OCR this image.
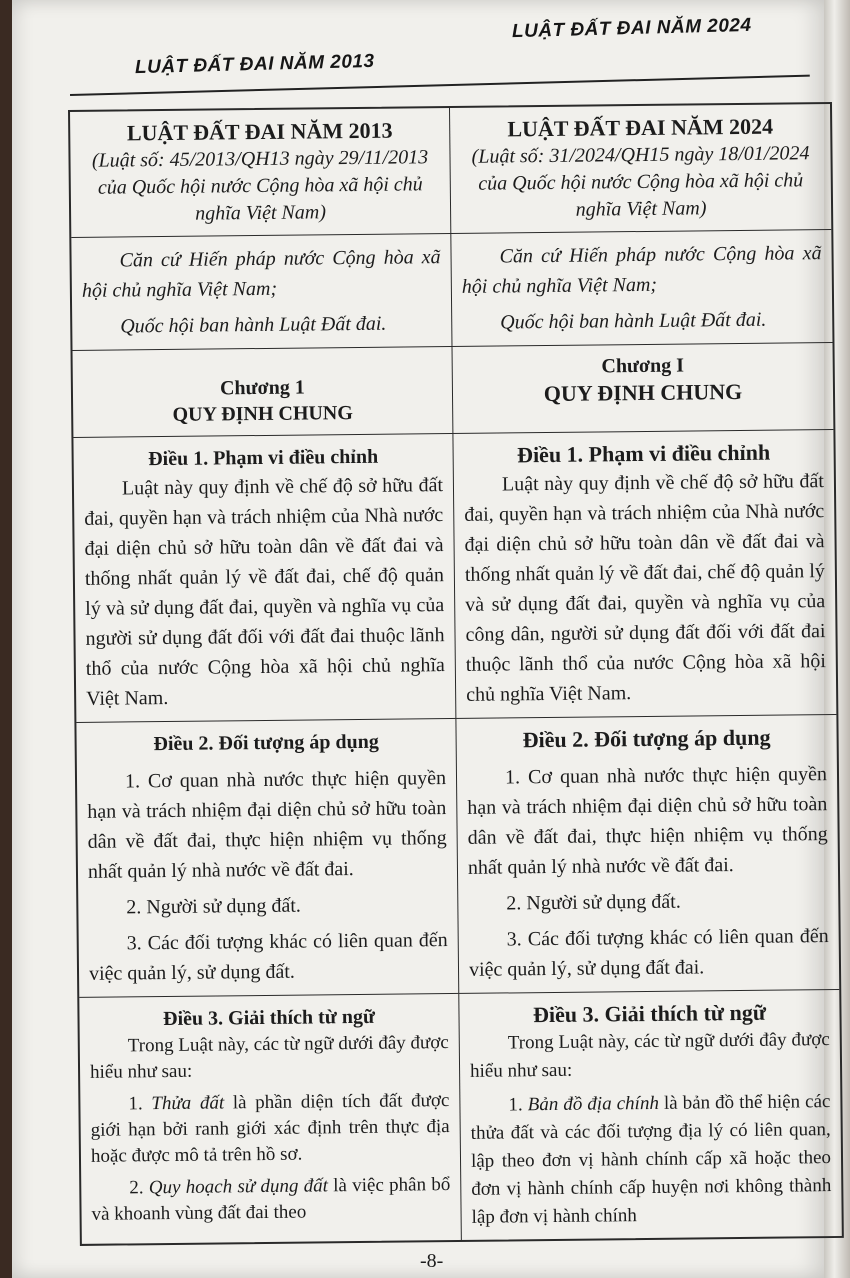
LUẬT ĐẤT ĐAI NĂM 2013
LUẬT ĐẤT ĐAI NĂM 2024
LUẬT ĐẤT ĐAI NĂM 2013
(Luật số: 45/2013/QH13 ngày 29/11/2013 của Quốc hội nước Cộng hòa xã hội chủ nghĩa Việt Nam)
LUẬT ĐẤT ĐAI NĂM 2024
(Luật số: 31/2024/QH15 ngày 18/01/2024 của Quốc hội nước Cộng hòa xã hội chủ nghĩa Việt Nam)

Căn cứ Hiến pháp nước Cộng hòa xã hội chủ nghĩa Việt Nam;

Quốc hội ban hành Luật Đất đai.

Căn cứ Hiến pháp nước Cộng hòa xã hội chủ nghĩa Việt Nam;

Quốc hội ban hành Luật Đất đai.

Chương 1
QUY ĐỊNH CHUNG
Chương I
QUY ĐỊNH CHUNG
Điều 1. Phạm vi điều chỉnh

Luật này quy định về chế độ sở hữu đất đai, quyền hạn và trách nhiệm của Nhà nước đại diện chủ sở hữu toàn dân về đất đai và thống nhất quản lý về đất đai, chế độ quản lý và sử dụng đất đai, quyền và nghĩa vụ của người sử dụng đất đối với đất đai thuộc lãnh thổ của nước Cộng hòa xã hội chủ nghĩa Việt Nam.

Điều 1. Phạm vi điều chỉnh

Luật này quy định về chế độ sở hữu đất đai, quyền hạn và trách nhiệm của Nhà nước đại diện chủ sở hữu toàn dân về đất đai và thống nhất quản lý về đất đai, chế độ quản lý và sử dụng đất đai, quyền và nghĩa vụ của công dân, người sử dụng đất đối với đất đai thuộc lãnh thổ của nước Cộng hòa xã hội chủ nghĩa Việt Nam.

Điều 2. Đối tượng áp dụng

1. Cơ quan nhà nước thực hiện quyền hạn và trách nhiệm đại diện chủ sở hữu toàn dân về đất đai, thực hiện nhiệm vụ thống nhất quản lý nhà nước về đất đai.

2. Người sử dụng đất.

3. Các đối tượng khác có liên quan đến việc quản lý, sử dụng đất.

Điều 2. Đối tượng áp dụng

1. Cơ quan nhà nước thực hiện quyền hạn và trách nhiệm đại diện chủ sở hữu toàn dân về đất đai, thực hiện nhiệm vụ thống nhất quản lý nhà nước về đất đai.

2. Người sử dụng đất.

3. Các đối tượng khác có liên quan đến việc quản lý, sử dụng đất đai.

Điều 3. Giải thích từ ngữ

Trong Luật này, các từ ngữ dưới đây được hiểu như sau:

1. Thửa đất là phần diện tích đất được giới hạn bởi ranh giới xác định trên thực địa hoặc được mô tả trên hồ sơ.

2. Quy hoạch sử dụng đất là việc phân bổ và khoanh vùng đất đai theo

Điều 3. Giải thích từ ngữ

Trong Luật này, các từ ngữ dưới đây được hiểu như sau:

1. Bản đồ địa chính là bản đồ thể hiện các thửa đất và các đối tượng địa lý có liên quan, lập theo đơn vị hành chính cấp xã hoặc theo đơn vị hành chính cấp huyện nơi không thành lập đơn vị hành chính

-8-
